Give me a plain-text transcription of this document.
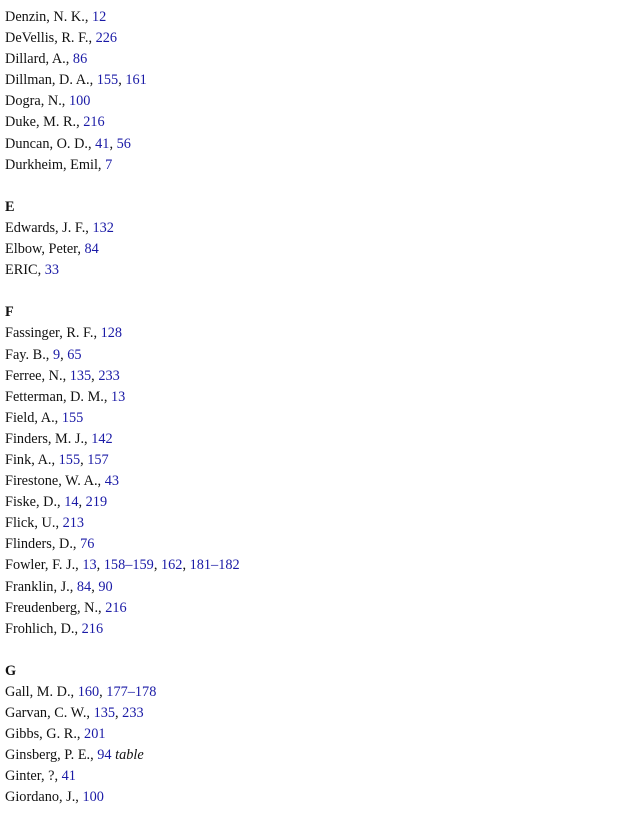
Denzin, N. K., 12
DeVellis, R. F., 226
Dillard, A., 86
Dillman, D. A., 155, 161
Dogra, N., 100
Duke, M. R., 216
Duncan, O. D., 41, 56
Durkheim, Emil, 7
E
Edwards, J. F., 132
Elbow, Peter, 84
ERIC, 33
F
Fassinger, R. F., 128
Fay. B., 9, 65
Ferree, N., 135, 233
Fetterman, D. M., 13
Field, A., 155
Finders, M. J., 142
Fink, A., 155, 157
Firestone, W. A., 43
Fiske, D., 14, 219
Flick, U., 213
Flinders, D., 76
Fowler, F. J., 13, 158–159, 162, 181–182
Franklin, J., 84, 90
Freudenberg, N., 216
Frohlich, D., 216
G
Gall, M. D., 160, 177–178
Garvan, C. W., 135, 233
Gibbs, G. R., 201
Ginsberg, P. E., 94 table
Ginter, ?, 41
Giordano, J., 100
